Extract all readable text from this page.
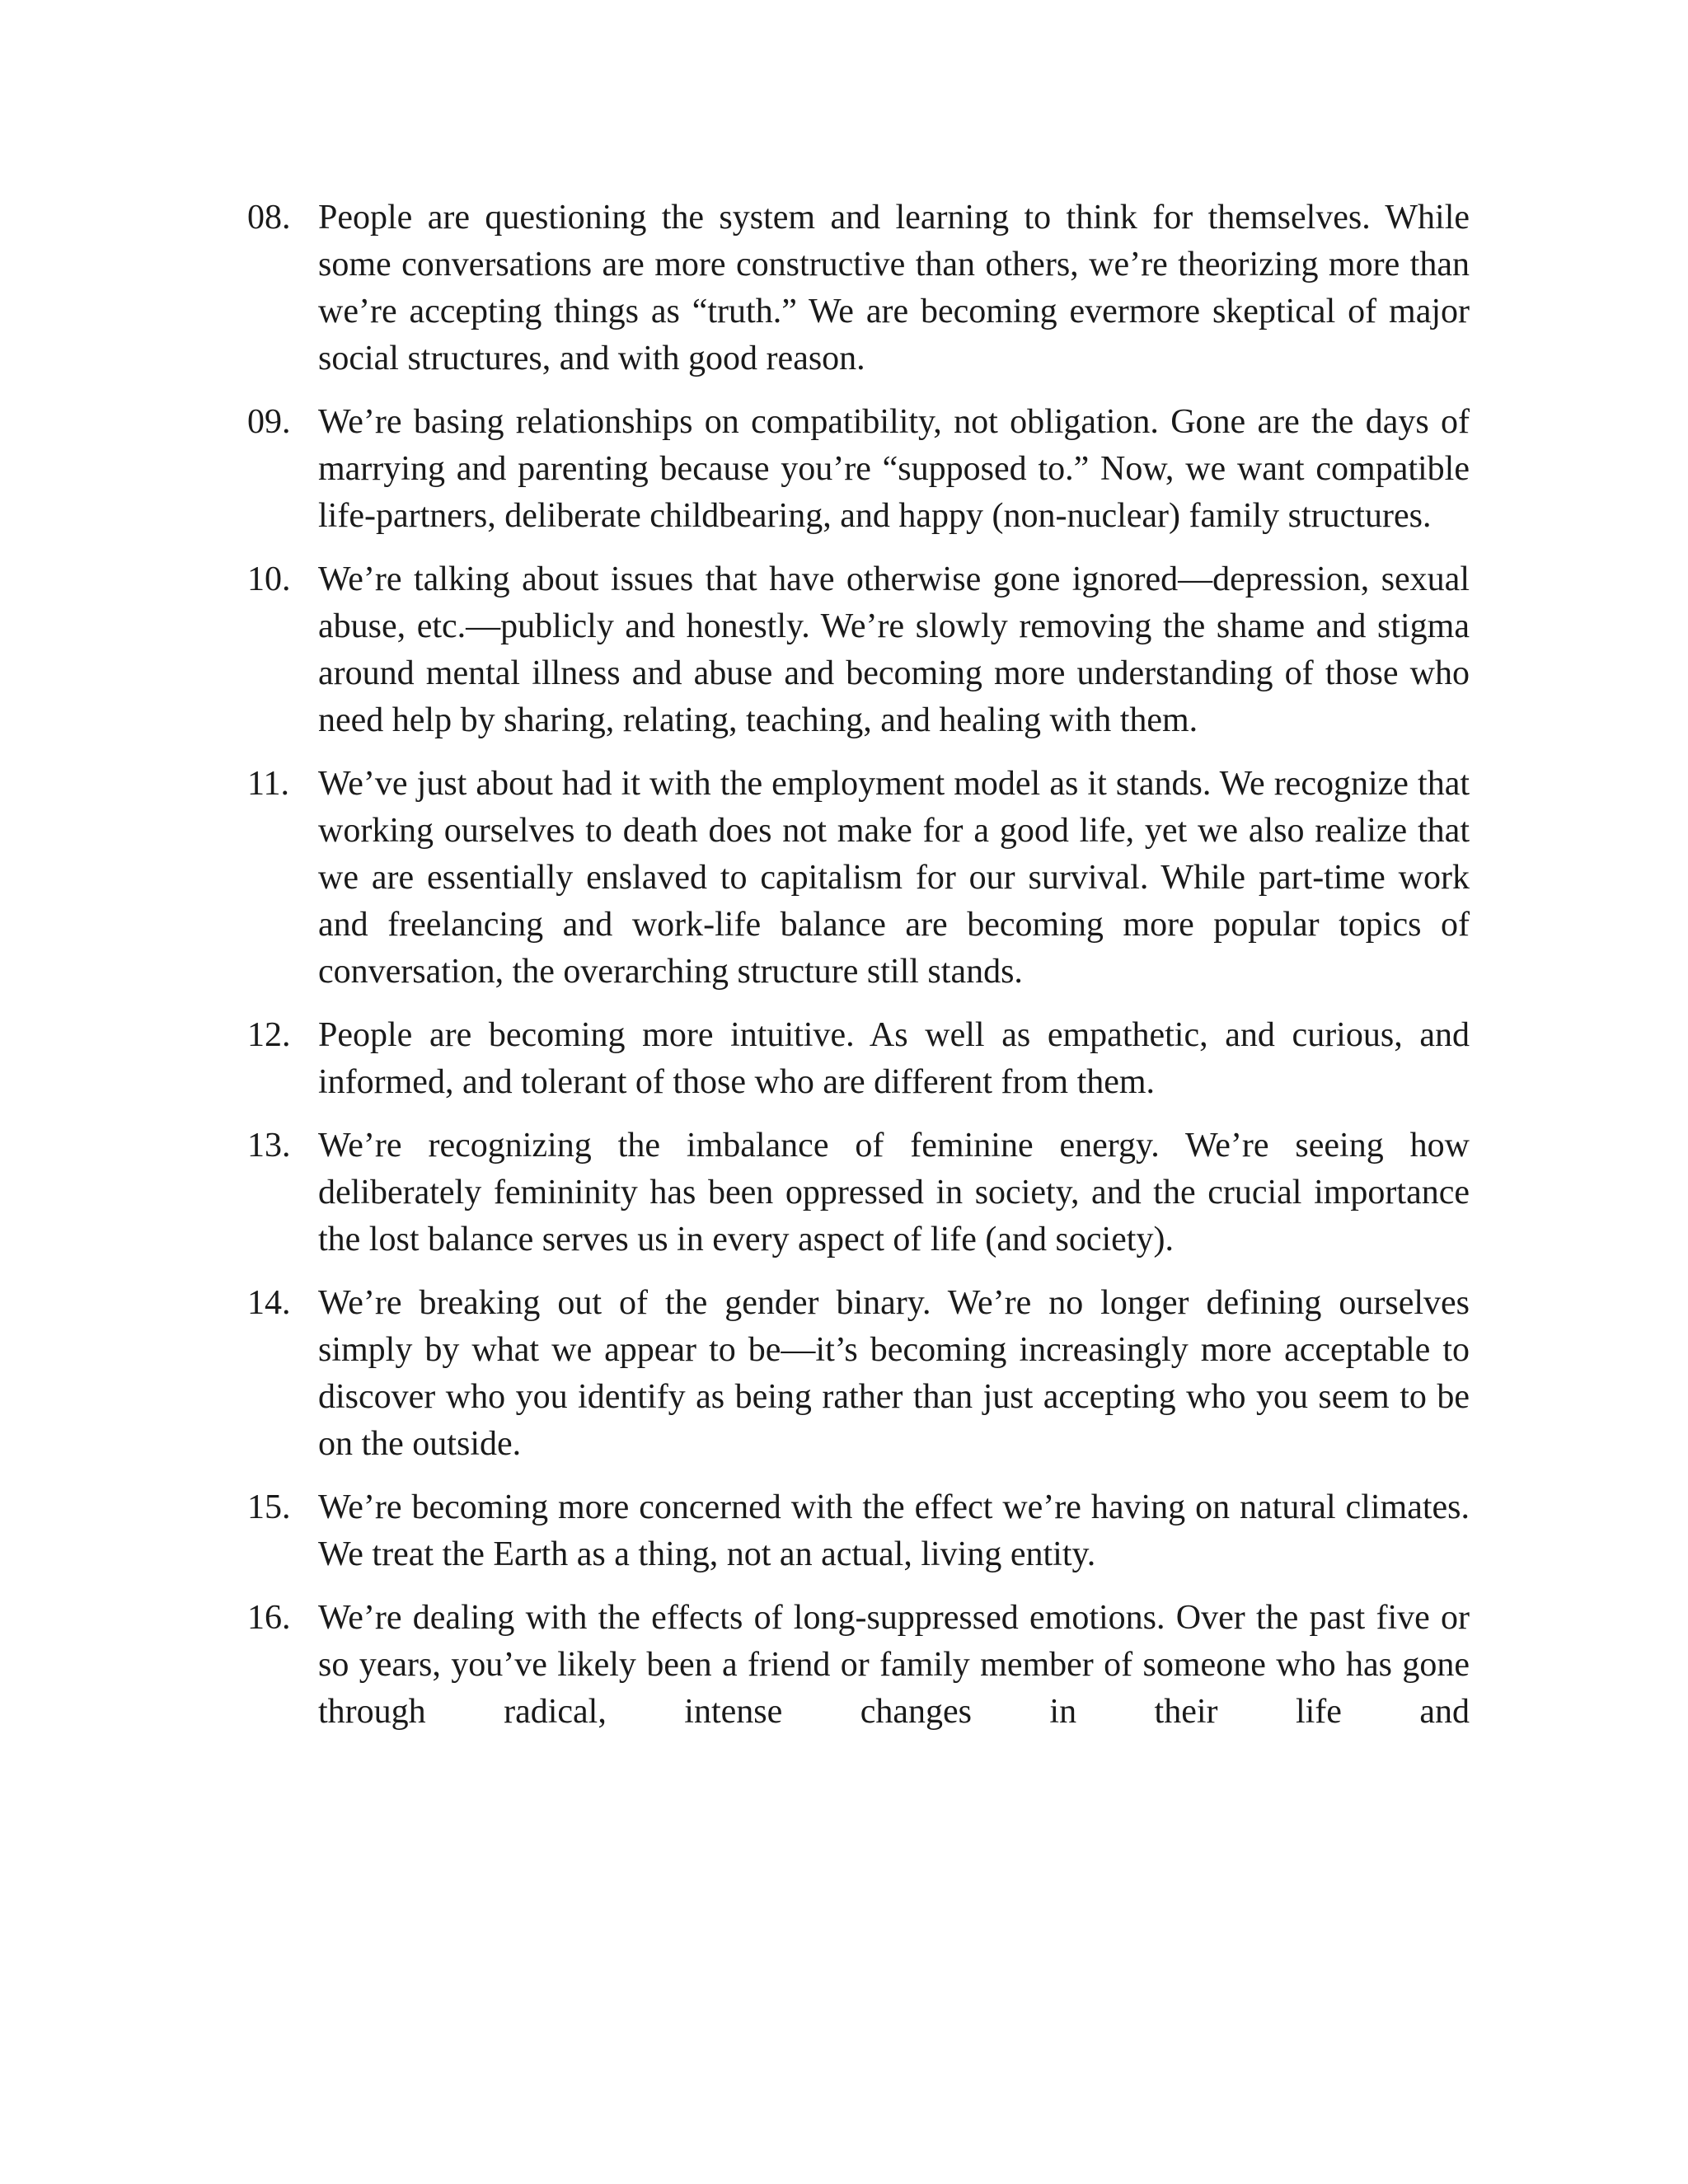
08. People are questioning the system and learning to think for themselves. While some conversations are more constructive than others, we’re theorizing more than we’re accepting things as “truth.” We are becoming evermore skeptical of major social structures, and with good reason.
09. We’re basing relationships on compatibility, not obligation. Gone are the days of marrying and parenting because you’re “supposed to.” Now, we want compatible life-partners, deliberate childbearing, and happy (non-nuclear) family structures.
10. We’re talking about issues that have otherwise gone ignored—depression, sexual abuse, etc.—publicly and honestly. We’re slowly removing the shame and stigma around mental illness and abuse and becoming more understanding of those who need help by sharing, relating, teaching, and healing with them.
11. We’ve just about had it with the employment model as it stands. We recognize that working ourselves to death does not make for a good life, yet we also realize that we are essentially enslaved to capitalism for our survival. While part-time work and freelancing and work-life balance are becoming more popular topics of conversation, the overarching structure still stands.
12. People are becoming more intuitive. As well as empathetic, and curious, and informed, and tolerant of those who are different from them.
13. We’re recognizing the imbalance of feminine energy. We’re seeing how deliberately femininity has been oppressed in society, and the crucial importance the lost balance serves us in every aspect of life (and society).
14. We’re breaking out of the gender binary. We’re no longer defining ourselves simply by what we appear to be—it’s becoming increasingly more acceptable to discover who you identify as being rather than just accepting who you seem to be on the outside.
15. We’re becoming more concerned with the effect we’re having on natural climates. We treat the Earth as a thing, not an actual, living entity.
16. We’re dealing with the effects of long-suppressed emotions. Over the past five or so years, you’ve likely been a friend or family member of someone who has gone through radical, intense changes in their life and
